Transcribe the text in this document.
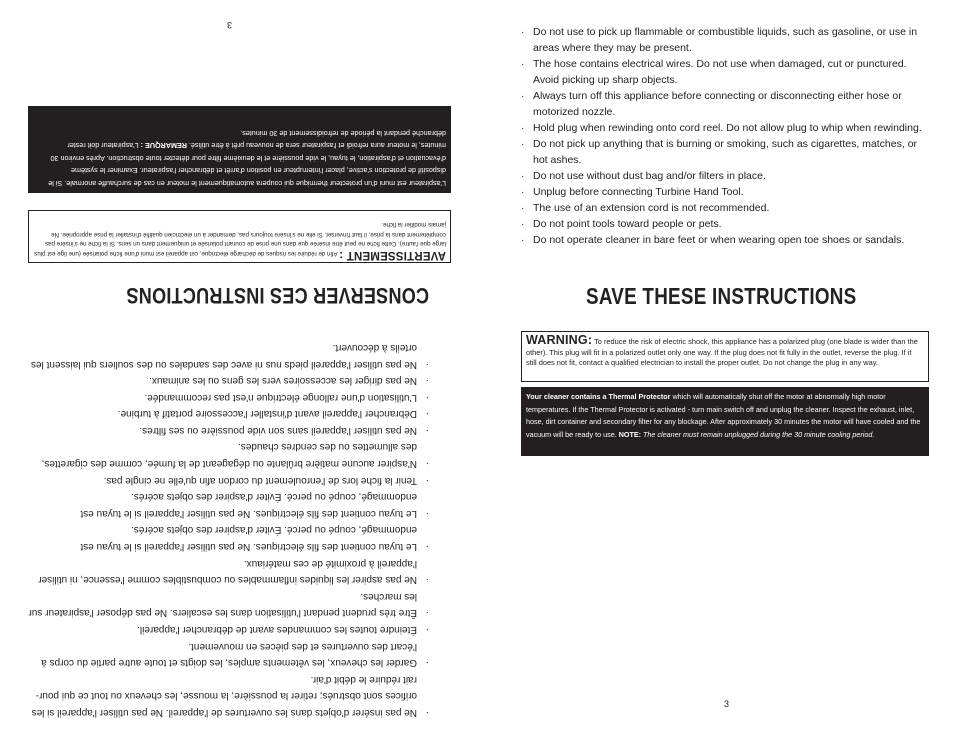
3
L'aspirateur est muni d'un protecteur thermique qui coupera automatiquement le moteur en cas de surchauffe anormale. Si le dispositif de protection s'active, placer l'interrupteur en position d'arrêt et débrancher l'aspirateur. Examiner le système d'évacuation et d'aspiration, le tuyau, le vide poussière et le deuxième filtre pour détecter toute obstruction. Après environ 30 minutes, le moteur aura refroidi et l'aspirateur sera de nouveau prêt à être utilisé. REMARQUE : L'aspirateur doit rester débranché pendant la période de refroidissement de 30 minutes.
AVERTISSEMENT : Afin de réduire les risques de décharge électrique, cet appareil est muni d'une fiche polarisée (une lige est plus large que l'autre). Cette fiche ne peut être insérée que dans une prise de courant polarisée et uniquement dans un sens. Si la fiche ne s'insère pas complètement dans la prise, il faut l'inverser. Si elle ne s'insère toujours pas, demander à un électricien qualifié d'installer la prise appropriée. Ne jamais modifier la fiche.
CONSERVER CES INSTRUCTIONS
· Ne pas insérer d'objets dans les ouvertures de l'appareil. Ne pas utiliser l'appareil si les orifices sont obstrués; retirer la poussière, la mousse, les cheveux ou tout ce qui pour-rait réduire le débit d'air.
· Garder les cheveux, les vêtements amples, les doigts et toute autre partie du corps à l'écart des ouvertures et des pièces en mouvement.
· Éteindre toutes les commandes avant de débrancher l'appareil.
· Être très prudent pendant l'utilisation dans les escaliers. Ne pas déposer l'aspirateur sur les marches.
· Ne pas aspirer les liquides inflammables ou combustibles comme l'essence, ni utiliser l'appareil à proximité de ces matériaux.
· Le tuyau contient des fils électriques. Ne pas utiliser l'appareil si le tuyau est endommagé, coupé ou percé. Éviter d'aspirer des objets acérés.
· Le tuyau contient des fils électriques. Ne pas utiliser l'appareil si le tuyau est endommagé, coupé ou percé. Éviter d'aspirer des objets acérés.
· Tenir la fiche lors de l'enroulement du cordon afin qu'elle ne cingle pas.
· N'aspirer aucune matière brûlante ou dégageant de la fumée, comme des cigarettes, des allumettes ou des cendres chaudes.
· Ne pas utiliser l'appareil sans son vide poussière ou ses filtres.
· Débrancher l'appareil avant d'installer l'accessoire portatif à turbine.
· L'utilisation d'une rallonge électrique n'est pas recommandée.
· Ne pas diriger les accessoires vers les gens ou les animaux.
· Ne pas utiliser l'appareil pieds nus ni avec des sandales ou des souliers qui laissent les orteils à découvert.
· Do not use to pick up flammable or combustible liquids, such as gasoline, or use in areas where they may be present.
· The hose contains electrical wires. Do not use when damaged, cut or punctured. Avoid picking up sharp objects.
· Always turn off this appliance before connecting or disconnecting either hose or motorized nozzle.
· Hold plug when rewinding onto cord reel. Do not allow plug to whip when rewinding.
· Do not pick up anything that is burning or smoking, such as cigarettes, matches, or hot ashes.
· Do not use without dust bag and/or filters in place.
· Unplug before connecting Turbine Hand Tool.
· The use of an extension cord is not recommended.
· Do not point tools toward people or pets.
· Do not operate cleaner in bare feet or when wearing open toe shoes or sandals.
SAVE THESE INSTRUCTIONS
WARNING: To reduce the risk of electric shock, this appliance has a polarized plug (one blade is wider than the other). This plug will fit in a polarized outlet only one way. If the plug does not fit fully in the outlet, reverse the plug. If it still does not fit, contact a qualified electrician to install the proper outlet. Do not change the plug in any way.
Your cleaner contains a Thermal Protector which will automatically shut off the motor at abnormally high motor temperatures. If the Thermal Protector is activated - turn main switch off and unplug the cleaner. Inspect the exhaust, inlet, hose, dirt container and secondary filter for any blockage. After approximately 30 minutes the motor will have cooled and the vacuum will be ready to use. NOTE: The cleaner must remain unplugged during the 30 minute cooling period.
3
